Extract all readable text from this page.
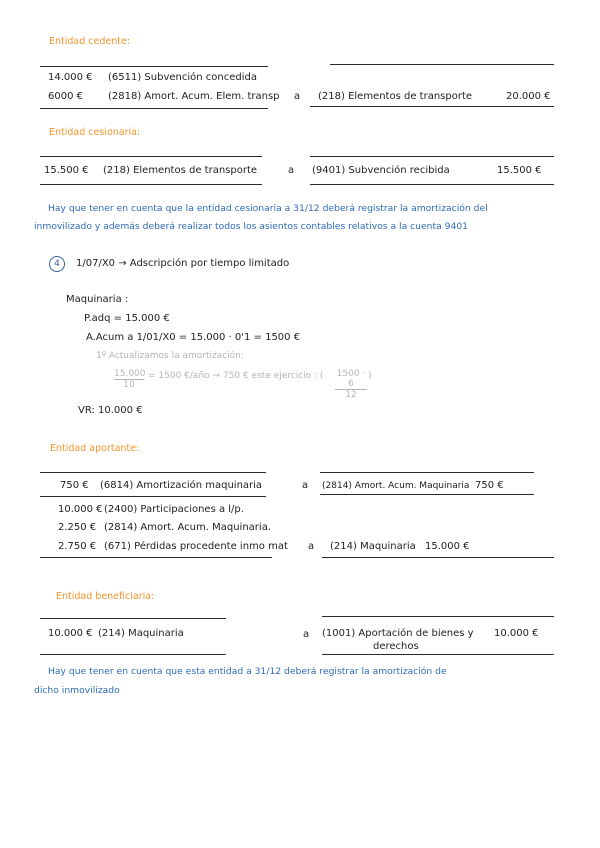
Entidad cedente:
14.000 € (6511) Subvención concedida
6000 €	(2818) Amort. Acum. Elem. transp a (218) Elementos de transporte	20.000 €
Entidad cesionaria:
15.500 € (218) Elementos de transporte	a (9401) Subvención recibida	15.500 €
Hay que tener en cuenta que la entidad cesionaria a 31/12 deberá registrar la amortización del
inmovilizado y además deberá realizar todos los asientos contables relativos a la cuenta 9401
4	1/07/X0 → Adscripción por tiempo limitado
Maquinaria :
P.adq = 15.000 €
A.Acum a 1/01/X0 = 15.000 · 0'1 = 1500 €
1º Actualizamos la amortización:
$\frac{15.000}{10} = 1500$ €/año → 750 € este ejercicio : ( $\frac{1500 \cdot 6}{12}$ )
VR: 10.000 €
Entidad aportante:
750 € (6814) Amortización maquinaria	a (2814) Amort. Acum. Maquinaria 750 €
10.000 € (2400) Participaciones a l/p.
2.250 € (2814) Amort. Acum. Maquinaria.
2.750 € (671) Pérdidas procedente inmo mat a (214) Maquinaria 15.000 €
Entidad beneficiaria:
10.000 € (214) Maquinaria	a (1001) Aportación de bienes y
derechos
10.000 €
Hay que tener en cuenta que esta entidad a 31/12 deberá registrar la amortización de
dicho inmovilizado
